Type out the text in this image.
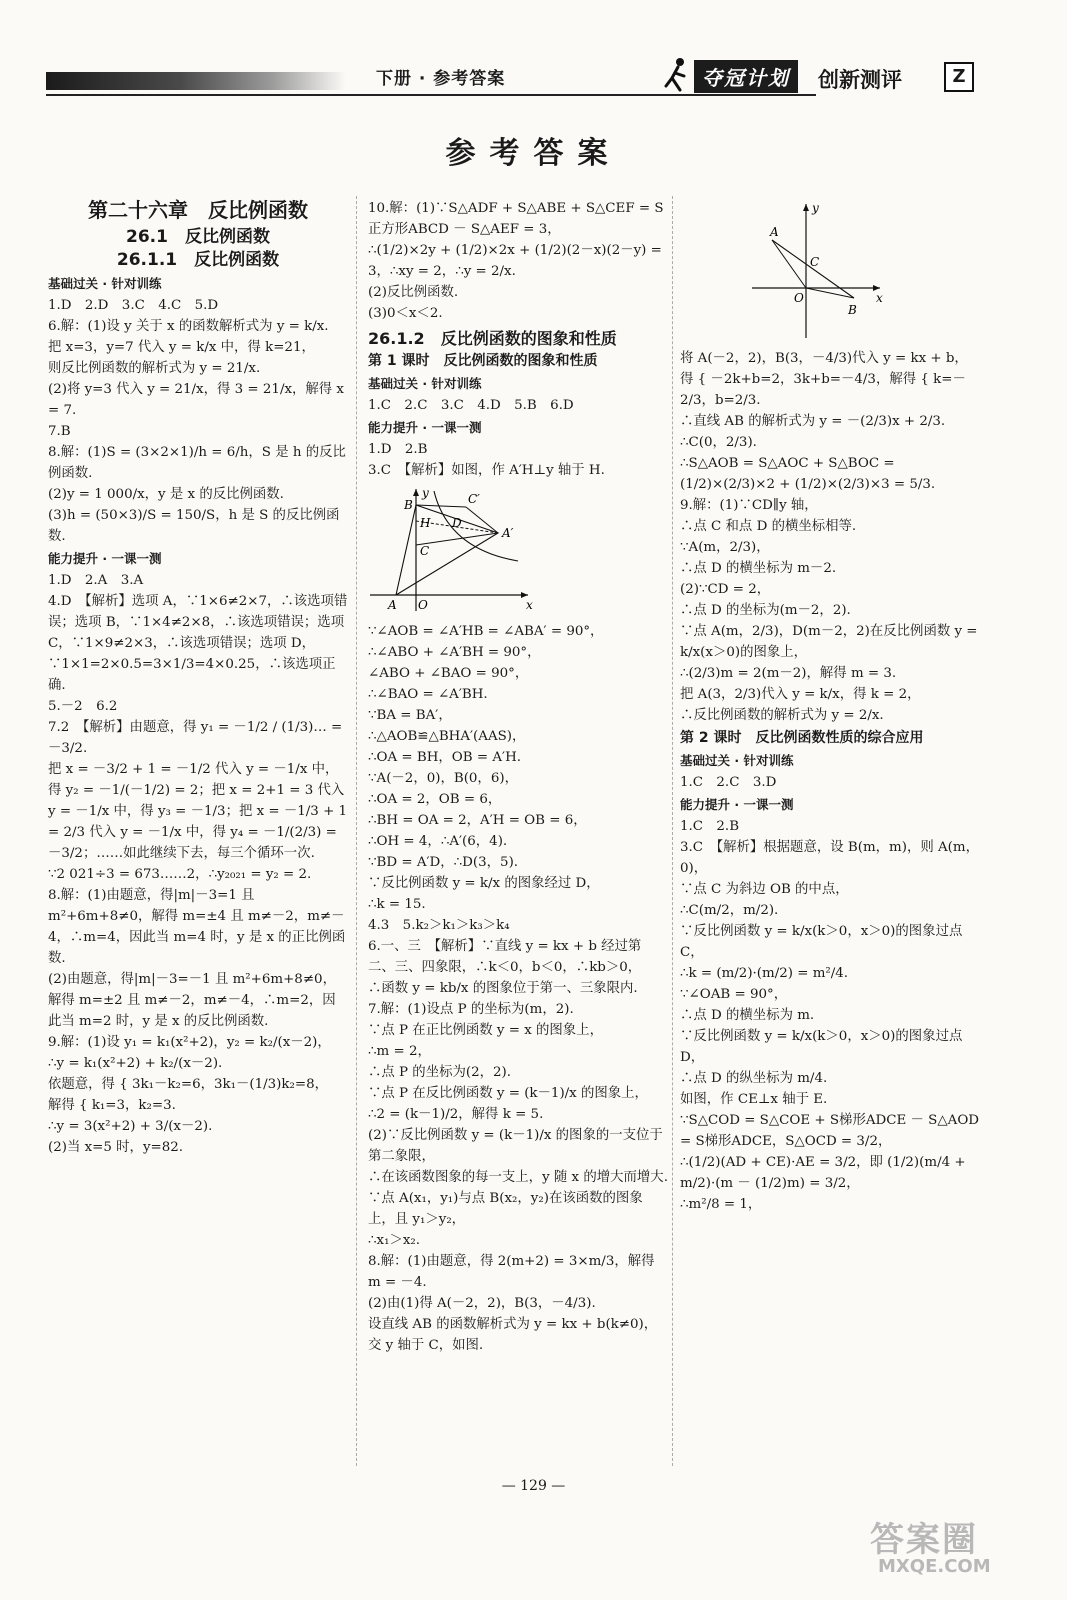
下册 · 参考答案	夺冠计划	创新测评	Z
参考答案
第二十六章　反比例函数
26.1　反比例函数
26.1.1　反比例函数
基础过关 · 针对训练

1.D　2.D　3.C　4.C　5.D

6.解：(1)设 y 关于 x 的函数解析式为 y = k/x.

把 x=3，y=7 代入 y = k/x 中，得 k=21，

则反比例函数的解析式为 y = 21/x.

(2)将 y=3 代入 y = 21/x，得 3 = 21/x，解得 x = 7.

7.B

8.解：(1)S = (3×2×1)/h = 6/h，S 是 h 的反比例函数.

(2)y = 1 000/x，y 是 x 的反比例函数.

(3)h = (50×3)/S = 150/S，h 是 S 的反比例函数.

能力提升 · 一课一测

1.D　2.A　3.A

4.D　【解析】选项 A，∵1×6≠2×7，∴该选项错误；选项 B，∵1×4≠2×8，∴该选项错误；选项 C，∵1×9≠2×3，∴该选项错误；选项 D，∵1×1=2×0.5=3×1/3=4×0.25，∴该选项正确.

5.－2　6.2

7.2　【解析】由题意，得 y₁ = －1/2 / (1/3)… = －3/2.

把 x = －3/2 + 1 = －1/2 代入 y = －1/x 中，得 y₂ = －1/(－1/2) = 2；把 x = 2+1 = 3 代入 y = －1/x 中，得 y₃ = －1/3；把 x = －1/3 + 1 = 2/3 代入 y = －1/x 中，得 y₄ = －1/(2/3) = －3/2；……如此继续下去，每三个循环一次.

∵2 021÷3 = 673……2，∴y₂₀₂₁ = y₂ = 2.

8.解：(1)由题意，得|m|－3=1 且 m²+6m+8≠0，解得 m=±4 且 m≠－2，m≠－4，∴m=4，因此当 m=4 时，y 是 x 的正比例函数.

(2)由题意，得|m|－3=－1 且 m²+6m+8≠0，解得 m=±2 且 m≠－2，m≠－4，∴m=2，因此当 m=2 时，y 是 x 的反比例函数.

9.解：(1)设 y₁ = k₁(x²+2)，y₂ = k₂/(x－2)，

∴y = k₁(x²+2) + k₂/(x－2).

依题意，得 { 3k₁－k₂=6，3k₁－(1/3)k₂=8，

解得 { k₁=3，k₂=3.

∴y = 3(x²+2) + 3/(x－2).

(2)当 x=5 时，y=82.

10.解：(1)∵S△ADF + S△ABE + S△CEF = S正方形ABCD － S△AEF = 3，

∴(1/2)×2y + (1/2)×2x + (1/2)(2－x)(2－y) = 3，∴xy = 2，∴y = 2/x.

(2)反比例函数.

(3)0＜x＜2.

26.1.2　反比例函数的图象和性质
第 1 课时　反比例函数的图象和性质
基础过关 · 针对训练

1.C　2.C　3.C　4.D　5.B　6.D

能力提升 · 一课一测

1.D　2.B

3.C　【解析】如图，作 A′H⊥y 轴于 H.

B	C′
H D
A′
C
A O	x
y

∵∠AOB = ∠A′HB = ∠ABA′ = 90°，

∴∠ABO + ∠A′BH = 90°，

∠ABO + ∠BAO = 90°，

∴∠BAO = ∠A′BH.

∵BA = BA′，

∴△AOB≌△BHA′(AAS)，

∴OA = BH，OB = A′H.

∵A(－2，0)，B(0，6)，

∴OA = 2，OB = 6，

∴BH = OA = 2，A′H = OB = 6，

∴OH = 4，∴A′(6，4).

∵BD = A′D，∴D(3，5).

∵反比例函数 y = k/x 的图象经过 D，

∴k = 15.

4.3　5.k₂＞k₁＞k₃＞k₄

6.一、三　【解析】∵直线 y = kx + b 经过第二、三、四象限，∴k＜0，b＜0，∴kb＞0，

∴函数 y = kb/x 的图象位于第一、三象限内.

7.解：(1)设点 P 的坐标为(m，2).

∵点 P 在正比例函数 y = x 的图象上，

∴m = 2，

∴点 P 的坐标为(2，2).

∵点 P 在反比例函数 y = (k－1)/x 的图象上，

∴2 = (k－1)/2，解得 k = 5.

(2)∵反比例函数 y = (k－1)/x 的图象的一支位于第二象限，

∴在该函数图象的每一支上，y 随 x 的增大而增大.

∵点 A(x₁，y₁)与点 B(x₂，y₂)在该函数的图象上，且 y₁＞y₂，

∴x₁＞x₂.

8.解：(1)由题意，得 2(m+2) = 3×m/3，解得 m = －4.

(2)由(1)得 A(－2，2)，B(3，－4/3).

设直线 AB 的函数解析式为 y = kx + b(k≠0)，交 y 轴于 C，如图.

y
A
C
O
B
x

将 A(－2，2)，B(3，－4/3)代入 y = kx + b，

得 { －2k+b=2，3k+b=－4/3，解得 { k=－2/3，b=2/3.

∴直线 AB 的解析式为 y = －(2/3)x + 2/3.

∴C(0，2/3).

∴S△AOB = S△AOC + S△BOC = (1/2)×(2/3)×2 + (1/2)×(2/3)×3 = 5/3.

9.解：(1)∵CD∥y 轴，

∴点 C 和点 D 的横坐标相等.

∵A(m，2/3)，

∴点 D 的横坐标为 m－2.

(2)∵CD = 2，

∴点 D 的坐标为(m－2，2).

∵点 A(m，2/3)，D(m－2，2)在反比例函数 y = k/x(x＞0)的图象上，

∴(2/3)m = 2(m－2)，解得 m = 3.

把 A(3，2/3)代入 y = k/x，得 k = 2，

∴反比例函数的解析式为 y = 2/x.

第 2 课时　反比例函数性质的综合应用
基础过关 · 针对训练

1.C　2.C　3.D

能力提升 · 一课一测

1.C　2.B

3.C　【解析】根据题意，设 B(m，m)，则 A(m，0)，

∵点 C 为斜边 OB 的中点，

∴C(m/2，m/2).

∵反比例函数 y = k/x(k＞0，x＞0)的图象过点 C，

∴k = (m/2)·(m/2) = m²/4.

∵∠OAB = 90°，

∴点 D 的横坐标为 m.

∵反比例函数 y = k/x(k＞0，x＞0)的图象过点 D，

∴点 D 的纵坐标为 m/4.

如图，作 CE⊥x 轴于 E.

∵S△COD = S△COE + S梯形ADCE － S△AOD = S梯形ADCE，S△OCD = 3/2，

∴(1/2)(AD + CE)·AE = 3/2，即 (1/2)(m/4 + m/2)·(m － (1/2)m) = 3/2，

∴m²/8 = 1，

— 129 —
答案圈
MXQE.COM
